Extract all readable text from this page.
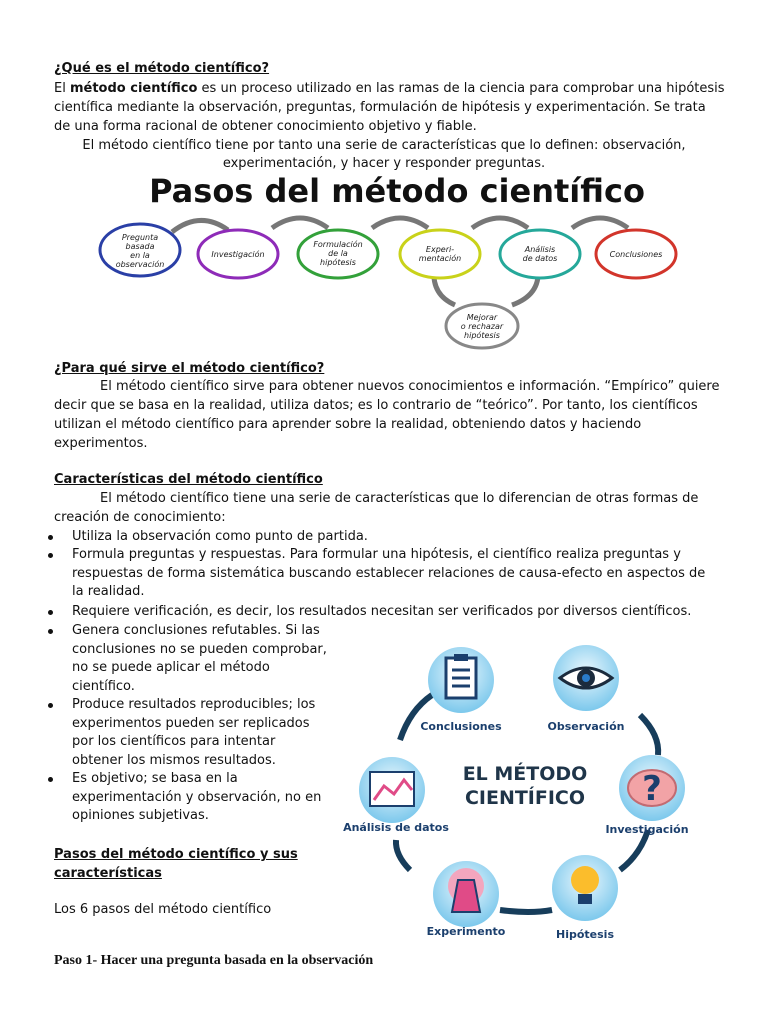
¿Qué es el método científico?
El método científico es un proceso utilizado en las ramas de la ciencia para comprobar una hipótesis
científica mediante la observación, preguntas, formulación de hipótesis y experimentación. Se trata
de una forma racional de obtener conocimiento objetivo y fiable.
El método científico tiene por tanto una serie de características que lo definen: observación,
experimentación, y hacer y responder preguntas.
Pasos del método científico
Pregunta
basada
en la
observación
Investigación
Formulación
de la
hipótesis
Experi-
mentación
Análisis
de datos	Conclusiones
Mejorar
o rechazar
hipótesis
¿Para qué sirve el método científico?
El método científico sirve para obtener nuevos conocimientos e información. “Empírico” quiere
decir que se basa en la realidad, utiliza datos; es lo contrario de “teórico”. Por tanto, los científicos
utilizan el método científico para aprender sobre la realidad, obteniendo datos y haciendo
experimentos.
Características del método científico
El método científico tiene una serie de características que lo diferencian de otras formas de
creación de conocimiento:
Utiliza la observación como punto de partida.
Formula preguntas y respuestas. Para formular una hipótesis, el científico realiza preguntas y
respuestas de forma sistemática buscando establecer relaciones de causa-efecto en aspectos de
la realidad.
Requiere verificación, es decir, los resultados necesitan ser verificados por diversos científicos.
Genera conclusiones refutables. Si las
conclusiones no se pueden comprobar,
no se puede aplicar el método
científico.
Produce resultados reproducibles; los
experimentos pueden ser replicados
por los científicos para intentar
obtener los mismos resultados.
Es objetivo; se basa en la
experimentación y observación, no en
opiniones subjetivas.
Pasos del método científico y sus
características
Los 6 pasos del método científico
Paso 1- Hacer una pregunta basada en la observación
?
Conclusiones	Observación
Investigación
Hipótesis
Experimento
Análisis de datos
EL MÉTODO
CIENTÍFICO
